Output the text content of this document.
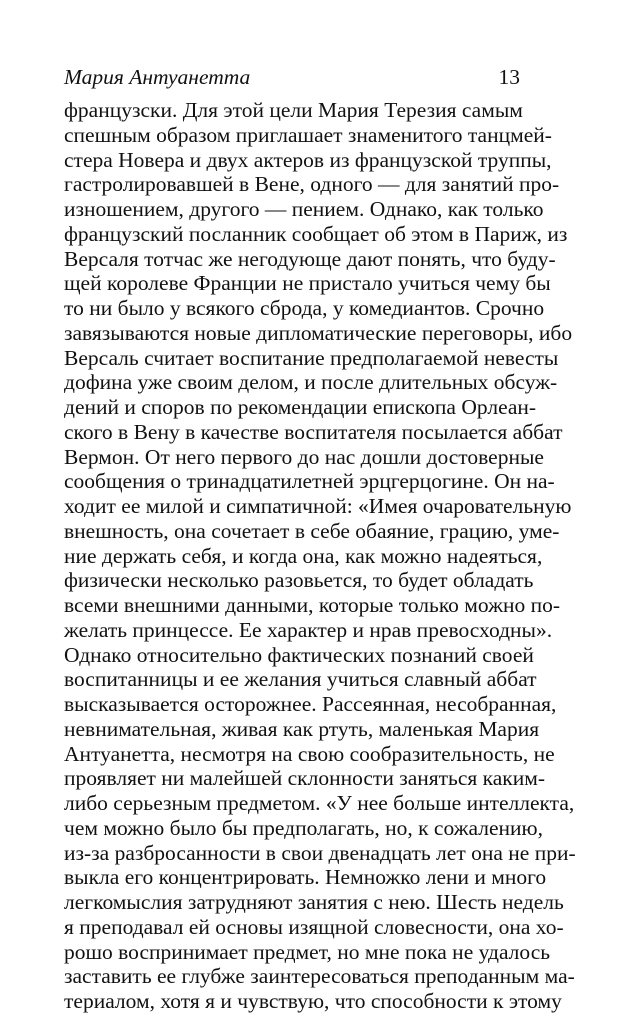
Мария Антуанетта	13
французски. Для этой цели Мария Терезия самым
спешным образом приглашает знаменитого танцмей-
стера Новера и двух актеров из французской труппы,
гастролировавшей в Вене, одного — для занятий про-
изношением, другого — пением. Однако, как только
французский посланник сообщает об этом в Париж, из
Версаля тотчас же негодующе дают понять, что буду-
щей королеве Франции не пристало учиться чему бы
то ни было у всякого сброда, у комедиантов. Срочно
завязываются новые дипломатические переговоры, ибо
Версаль считает воспитание предполагаемой невесты
дофина уже своим делом, и после длительных обсуж-
дений и споров по рекомендации епископа Орлеан-
ского в Вену в качестве воспитателя посылается аббат
Вермон. От него первого до нас дошли достоверные
сообщения о тринадцатилетней эрцгерцогине. Он на-
ходит ее милой и симпатичной: «Имея очаровательную
внешность, она сочетает в себе обаяние, грацию, уме-
ние держать себя, и когда она, как можно надеяться,
физически несколько разовьется, то будет обладать
всеми внешними данными, которые только можно по-
желать принцессе. Ее характер и нрав превосходны».
Однако относительно фактических познаний своей
воспитанницы и ее желания учиться славный аббат
высказывается осторожнее. Рассеянная, несобранная,
невнимательная, живая как ртуть, маленькая Мария
Антуанетта, несмотря на свою сообразительность, не
проявляет ни малейшей склонности заняться каким-
либо серьезным предметом. «У нее больше интеллекта,
чем можно было бы предполагать, но, к сожалению,
из-за разбросанности в свои двенадцать лет она не при-
выкла его концентрировать. Немножко лени и много
легкомыслия затрудняют занятия с нею. Шесть недель
я преподавал ей основы изящной словесности, она хо-
рошо воспринимает предмет, но мне пока не удалось
заставить ее глубже заинтересоваться преподанным ма-
териалом, хотя я и чувствую, что способности к этому
